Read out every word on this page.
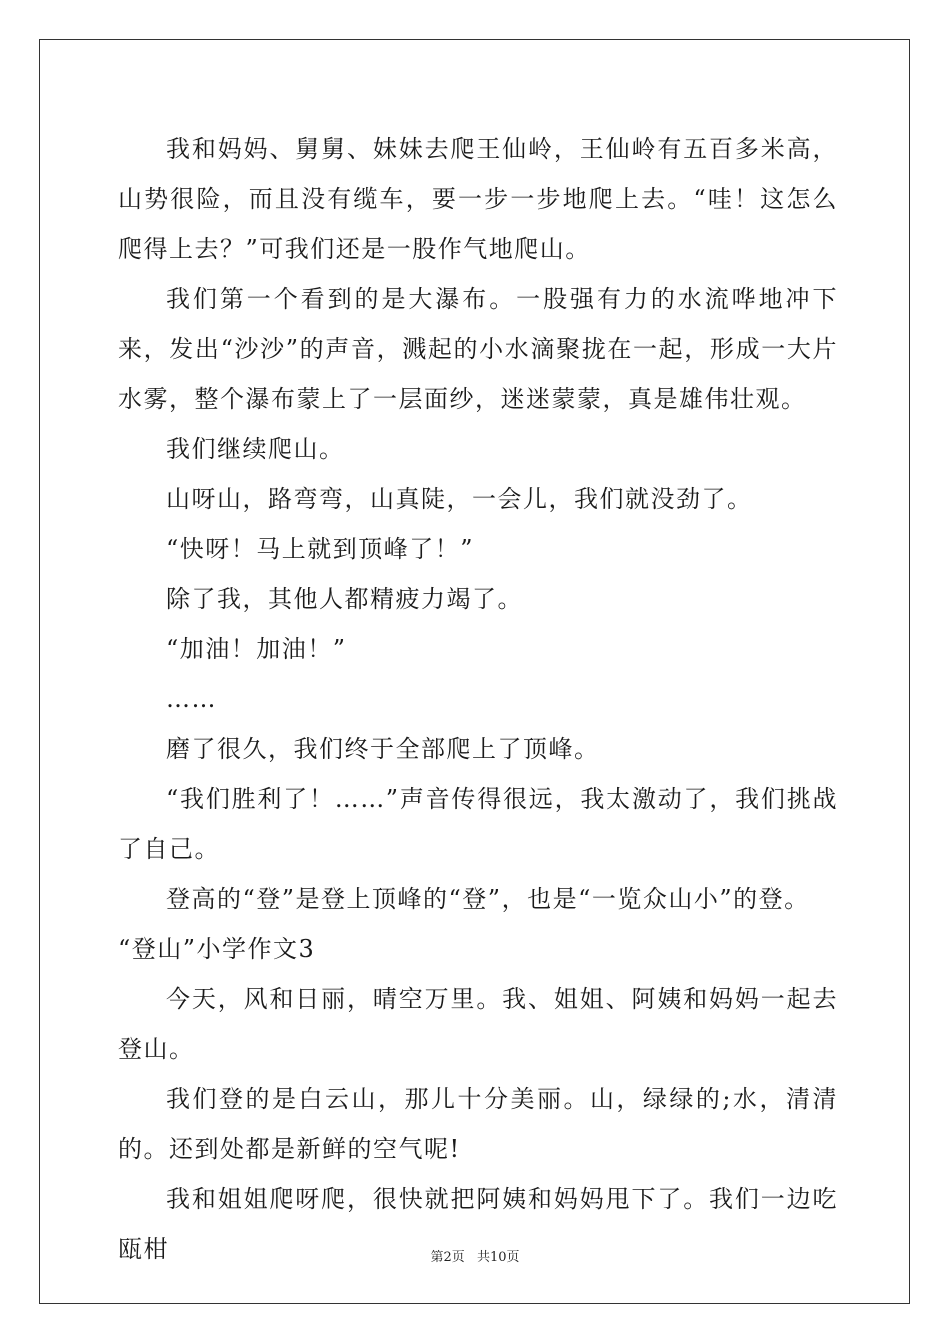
我和妈妈、舅舅、妹妹去爬王仙岭，王仙岭有五百多米高，山势很险，而且没有缆车，要一步一步地爬上去。“哇！这怎么爬得上去？”可我们还是一股作气地爬山。

我们第一个看到的是大瀑布。一股强有力的水流哗地冲下来，发出“沙沙”的声音，溅起的小水滴聚拢在一起，形成一大片水雾，整个瀑布蒙上了一层面纱，迷迷蒙蒙，真是雄伟壮观。

我们继续爬山。

山呀山，路弯弯，山真陡，一会儿，我们就没劲了。

“快呀！马上就到顶峰了！”

除了我，其他人都精疲力竭了。

“加油！加油！”

……

磨了很久，我们终于全部爬上了顶峰。

“我们胜利了！……”声音传得很远，我太激动了，我们挑战了自己。

登高的“登”是登上顶峰的“登”，也是“一览众山小”的登。

“登山”小学作文3

今天，风和日丽，晴空万里。我、姐姐、阿姨和妈妈一起去登山。

我们登的是白云山，那儿十分美丽。山，绿绿的;水，清清的。还到处都是新鲜的空气呢!

我和姐姐爬呀爬，很快就把阿姨和妈妈甩下了。我们一边吃瓯柑	第2页 共10页
